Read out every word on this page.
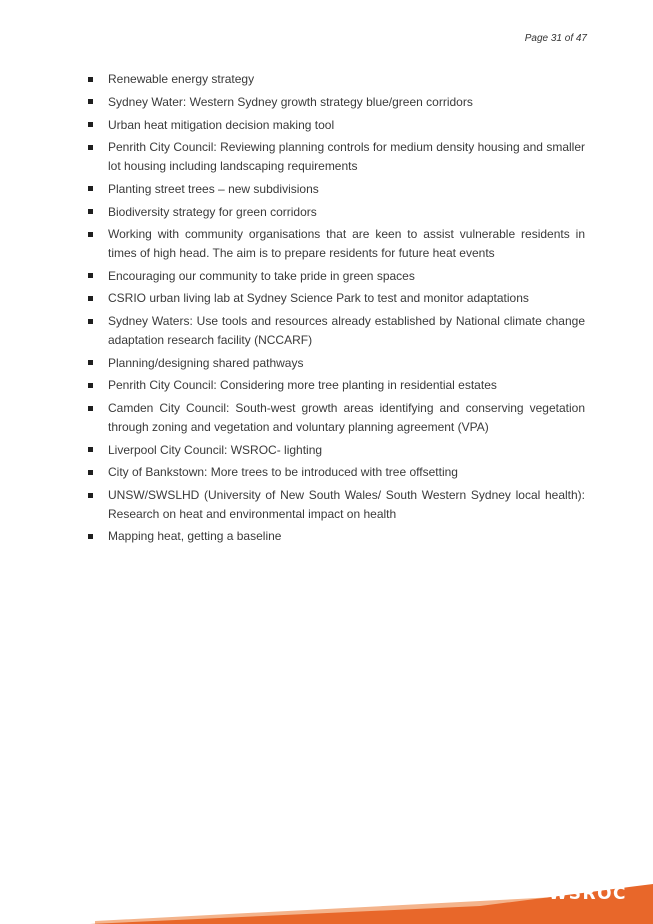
Page 31 of 47
Renewable energy strategy
Sydney Water: Western Sydney growth strategy blue/green corridors
Urban heat mitigation decision making tool
Penrith City Council: Reviewing planning controls for medium density housing and smaller lot housing including landscaping requirements
Planting street trees – new subdivisions
Biodiversity strategy for green corridors
Working with community organisations that are keen to assist vulnerable residents in times of high head. The aim is to prepare residents for future heat events
Encouraging our community to take pride in green spaces
CSRIO urban living lab at Sydney Science Park to test and monitor adaptations
Sydney Waters: Use tools and resources already established by National climate change adaptation research facility (NCCARF)
Planning/designing shared pathways
Penrith City Council: Considering more tree planting in residential estates
Camden City Council: South-west growth areas identifying and conserving vegetation through zoning and vegetation and voluntary planning agreement (VPA)
Liverpool City Council: WSROC- lighting
City of Bankstown: More trees to be introduced with tree offsetting
UNSW/SWSLHD (University of New South Wales/ South Western Sydney local health): Research on heat and environmental impact on health
Mapping heat, getting a baseline
WSROC
